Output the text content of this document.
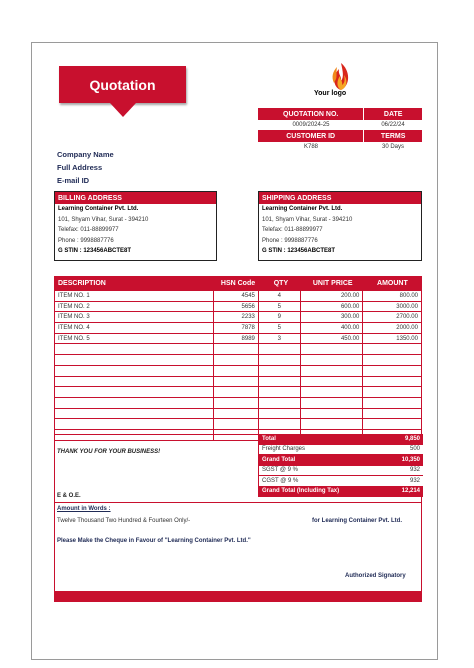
Quotation
Your logo
QUOTATION NO.	DATE
0009/2024-25	06/22/24
CUSTOMER ID	TERMS
K788	30 Days
Company Name
Full Address
E-mail ID
BILLING ADDRESS
Learning Container Pvt. Ltd.
101, Shyam Vihar, Surat - 394210
Telefax: 011-88899977
Phone : 9998887776
G STIN : 123456ABCTE8T
SHIPPING ADDRESS
Learning Container Pvt. Ltd.
101, Shyam Vihar, Surat - 394210
Telefax: 011-88899977
Phone : 9998887776
G STIN : 123456ABCTE8T
DESCRIPTION	HSN Code	QTY	UNIT PRICE	AMOUNT
ITEM NO. 1	4545	4	200.00	800.00
ITEM NO. 2	5656	5	600.00	3000.00
ITEM NO. 3	2233	9	300.00	2700.00
ITEM NO. 4	7878	5	400.00	2000.00
ITEM NO. 5	8989	3	450.00	1350.00
THANK YOU FOR YOUR BUSINESS!
E & O.E.
Total	9,850
Freight Charges	500
Grand Total	10,350
SGST @ 9 %	932
CGST @ 9 %	932
Grand Total (Including Tax)	12,214
Amount in Words :
Twelve Thousand Two Hundred & Fourteen Only/-	for Learning Container Pvt. Ltd.
Please Make the Cheque in Favour of "Learning Container Pvt. Ltd."
Authorized Signatory
